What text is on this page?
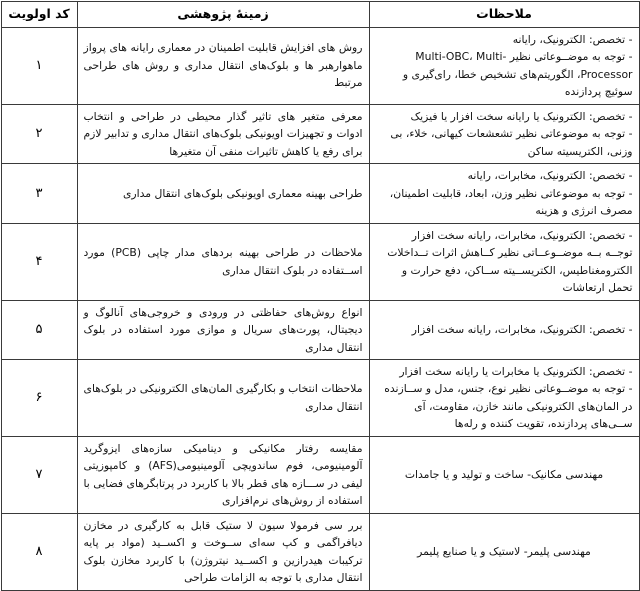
ملاحظات	زمینهٔ پژوهشی	کد اولویت

- تخصص: الکترونیک، رایانه
- توجه به موضــوعاتی نظیر Multi-OBC، Multi-Processor، الگوریتم‌های تشخیص خطا، رای‌گیری و سوئیچ پردازنده	روش های افزایش قابلیت اطمینان در معماری رایانه های پرواز ماهوارهبر ها و بلوک‌های انتقال مداری و روش های طراحی مرتبط	۱

- تخصص: الکترونیک یا رایانه سخت افزار یا فیزیک
- توجه به موضوعاتی نظیر تشعشعات کیهانی، خلاء، بی وزنی، الکتریسیته ساکن	معرفی متغیر های تاثیر گذار محیطی در طراحی و انتخاب ادوات و تجهیزات اویونیکی بلوک‌های انتقال مداری و تدابیر لازم برای رفع یا کاهش تاثیرات منفی آن متغیرها	۲

- تخصص: الکترونیک، مخابرات، رایانه
- توجه به موضوعاتی نظیر وزن، ابعاد، قابلیت اطمینان، مصرف انرژی و هزینه	طراحی بهینه معماری اویونیکی بلوک‌های انتقال مداری	۳

- تخصص: الکترونیک، مخابرات، رایانه سخت افزار
توجــه بــه موضــوعــاتی نظیر کــاهش اثرات تــداخلات الکترومغناطیس، الکتریســیته ســاکن، دفع حرارت و تحمل ارتعاشات	ملاحظات در طراحی بهینه بردهای مدار چاپی (PCB) مورد اســتفاده در بلوک انتقال مداری	۴

- تخصص: الکترونیک، مخابرات، رایانه سخت افزار	انواع روش‌های حفاظتی در ورودی و خروجی‌های آنالوگ و دیجیتال، پورت‌های سریال و موازی مورد استفاده در بلوک انتقال مداری	۵

- تخصص: الکترونیک یا مخابرات یا رایانه سخت افزار
- توجه به موضــوعاتی نظیر نوع، جنس، مدل و ســازنده در المان‌های الکترونیکی مانند خازن، مقاومت، آی ســی‌های پردازنده، تقویت کننده و رله‌ها	ملاحظات انتخاب و بکارگیری المان‌های الکترونیکی در بلوک‌های انتقال مداری	۶

مهندسی مکانیک- ساخت و تولید و یا جامدات	مقایسه رفتار مکانیکی و دینامیکی سازه‌های ایزوگرید آلومینیومی، فوم ساندویچی آلومینیومی(AFS) و کامپوزیتی لیفی در ســـازه های قطر بالا با کاربرد در پرتابگرهای فضایی با استفاده از روش‌های نرم‌افزاری	۷

مهندسی پلیمر- لاستیک و یا صنایع پلیمر	برر سی فرمولا سیون لا ستیک قابل به کارگیری در مخازن دیافراگمی و کپ سه‌ای ســوخت و اکســید (مواد بر پایه ترکیبات هیدرازین و اکســید نیتروژن) با کاربرد مخازن بلوک انتقال مداری با توجه به الزامات طراحی	۸
